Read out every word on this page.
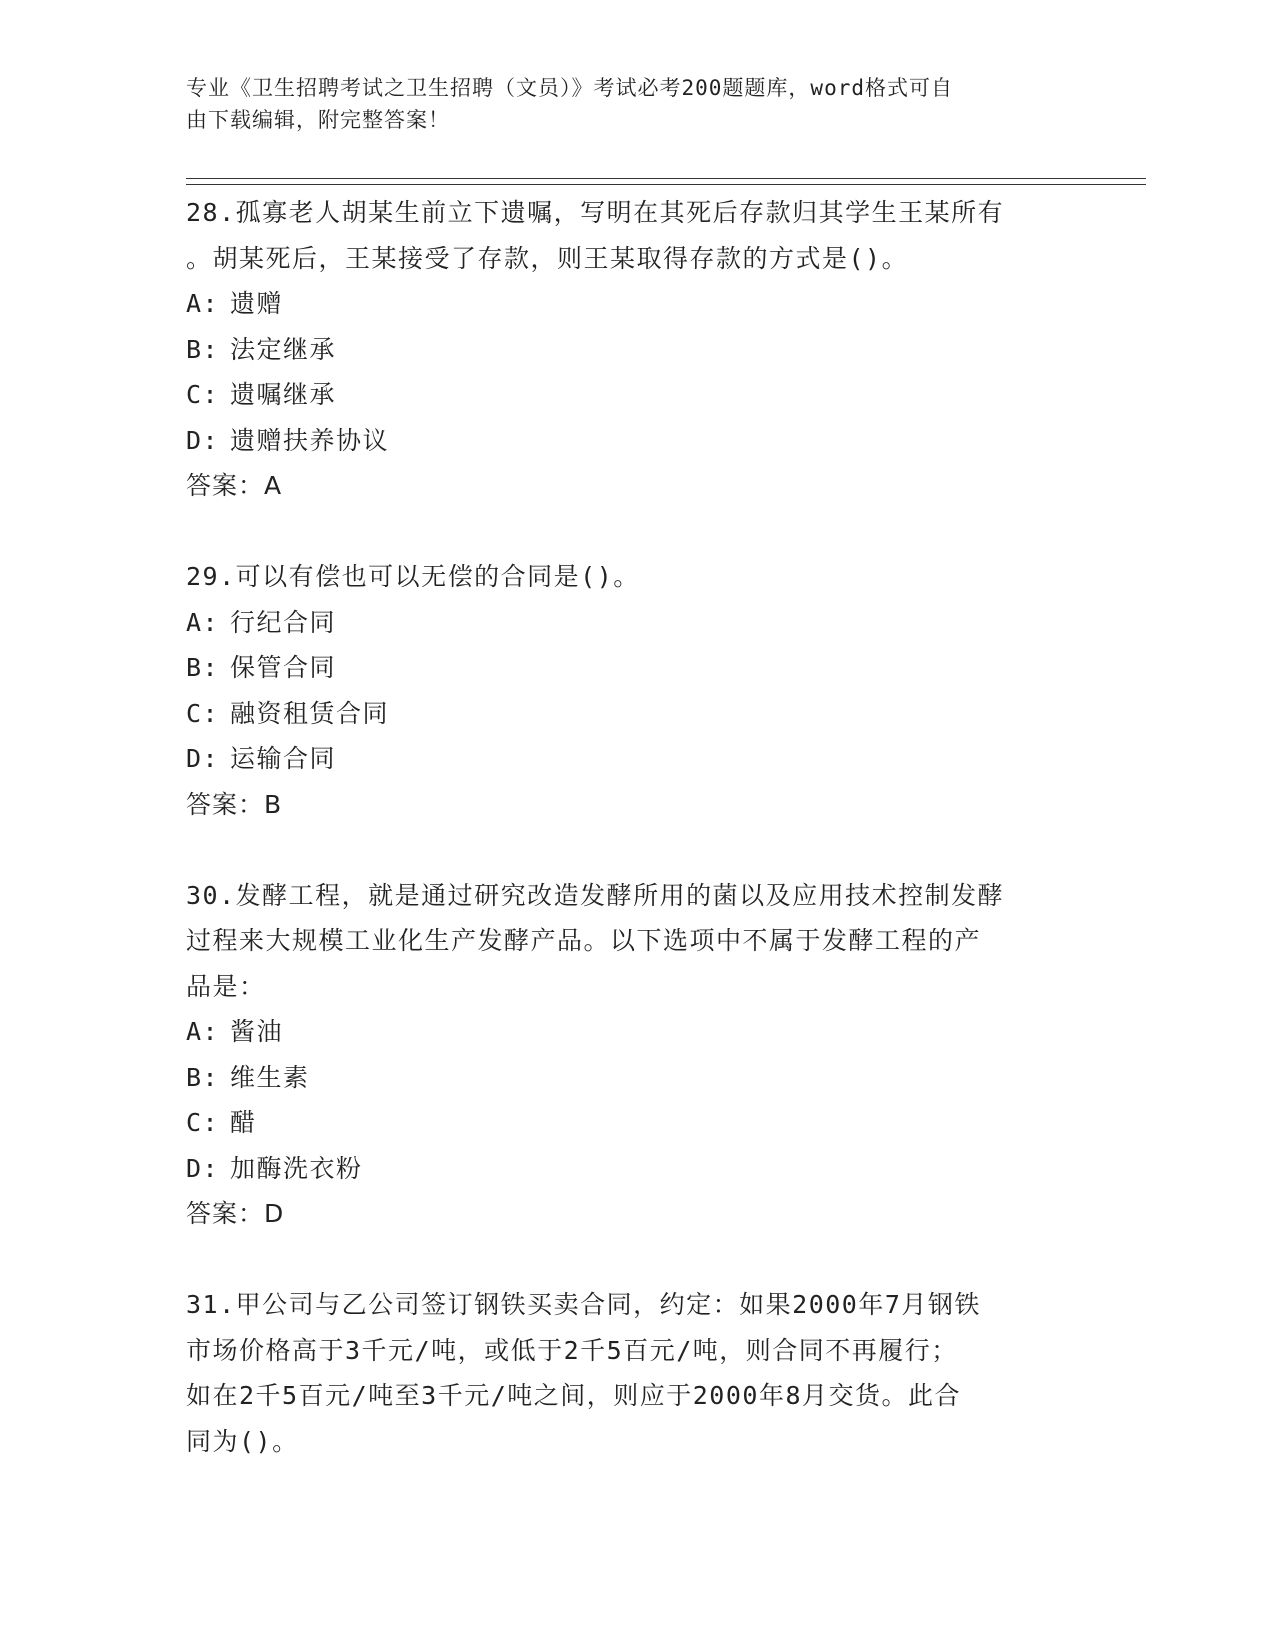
专业《卫生招聘考试之卫生招聘（文员）》考试必考200题题库，word格式可自
由下载编辑，附完整答案！
28.孤寡老人胡某生前立下遗嘱，写明在其死后存款归其学生王某所有
。胡某死后，王某接受了存款，则王某取得存款的方式是()。
A: 遗赠
B: 法定继承
C: 遗嘱继承
D: 遗赠扶养协议
答案：A
29.可以有偿也可以无偿的合同是()。
A: 行纪合同
B: 保管合同
C: 融资租赁合同
D: 运输合同
答案：B
30.发酵工程，就是通过研究改造发酵所用的菌以及应用技术控制发酵
过程来大规模工业化生产发酵产品。以下选项中不属于发酵工程的产
品是：
A: 酱油
B: 维生素
C: 醋
D: 加酶洗衣粉
答案：D
31.甲公司与乙公司签订钢铁买卖合同，约定：如果2000年7月钢铁
市场价格高于3千元/吨，或低于2千5百元/吨，则合同不再履行；
如在2千5百元/吨至3千元/吨之间，则应于2000年8月交货。此合
同为()。
